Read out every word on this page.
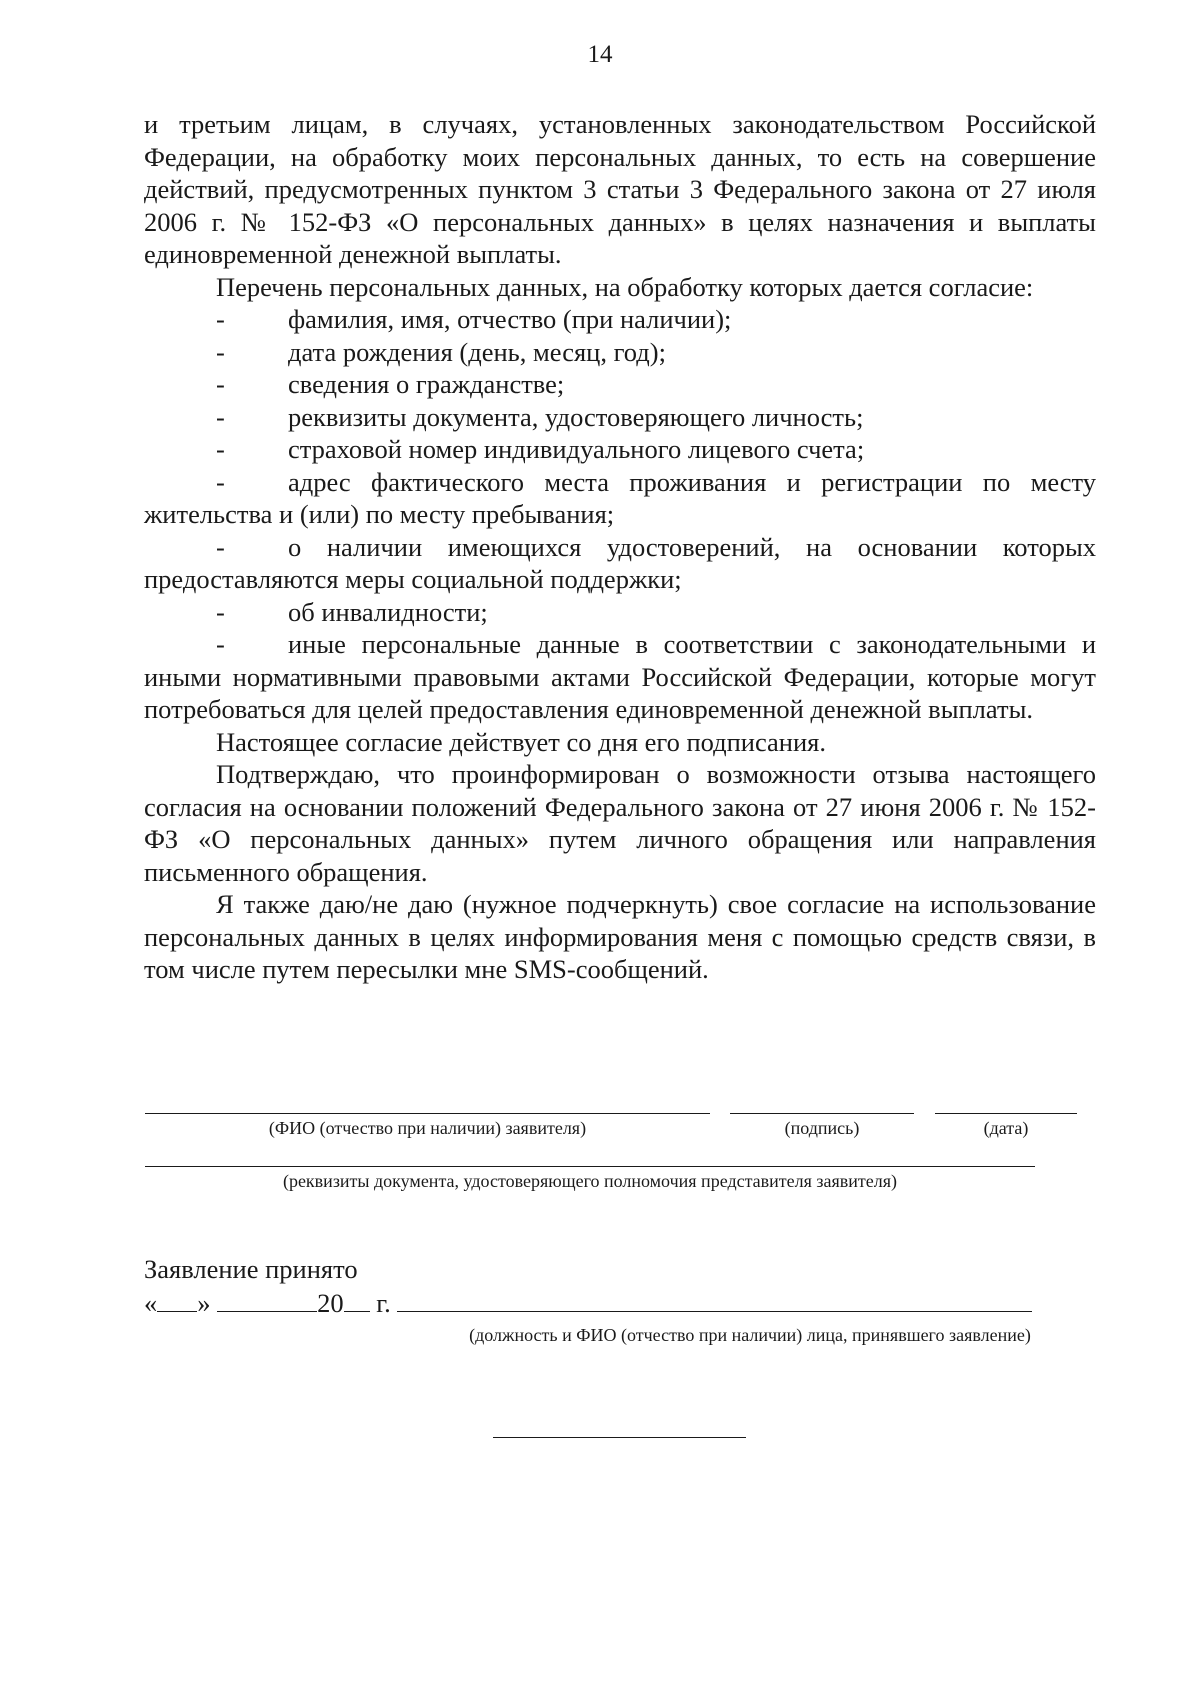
14

и третьим лицам, в случаях, установленных законодательством Российской Федерации, на обработку моих персональных данных, то есть на совершение действий, предусмотренных пунктом 3 статьи 3 Федерального закона от 27 июля 2006 г. № 152-ФЗ «О персональных данных» в целях назначения и выплаты единовременной денежной выплаты.

Перечень персональных данных, на обработку которых дается согласие:

- фамилия, имя, отчество (при наличии);

- дата рождения (день, месяц, год);

- сведения о гражданстве;

- реквизиты документа, удостоверяющего личность;

- страховой номер индивидуального лицевого счета;

- адрес фактического места проживания и регистрации по месту жительства и (или) по месту пребывания;

- о наличии имеющихся удостоверений, на основании которых предоставляются меры социальной поддержки;

- об инвалидности;

- иные персональные данные в соответствии с законодательными и иными нормативными правовыми актами Российской Федерации, которые могут потребоваться для целей предоставления единовременной денежной выплаты.

Настоящее согласие действует со дня его подписания.

Подтверждаю, что проинформирован о возможности отзыва настоящего согласия на основании положений Федерального закона от 27 июня 2006 г. № 152-ФЗ «О персональных данных» путем личного обращения или направления письменного обращения.

Я также даю/не даю (нужное подчеркнуть) свое согласие на использование персональных данных в целях информирования меня с помощью средств связи, в том числе путем пересылки мне SMS-сообщений.

(ФИО (отчество при наличии) заявителя)	(подпись)	(дата)
(реквизиты документа, удостоверяющего полномочия представителя заявителя)
Заявление принято
« »	20 г.
(должность и ФИО (отчество при наличии) лица, принявшего заявление)
